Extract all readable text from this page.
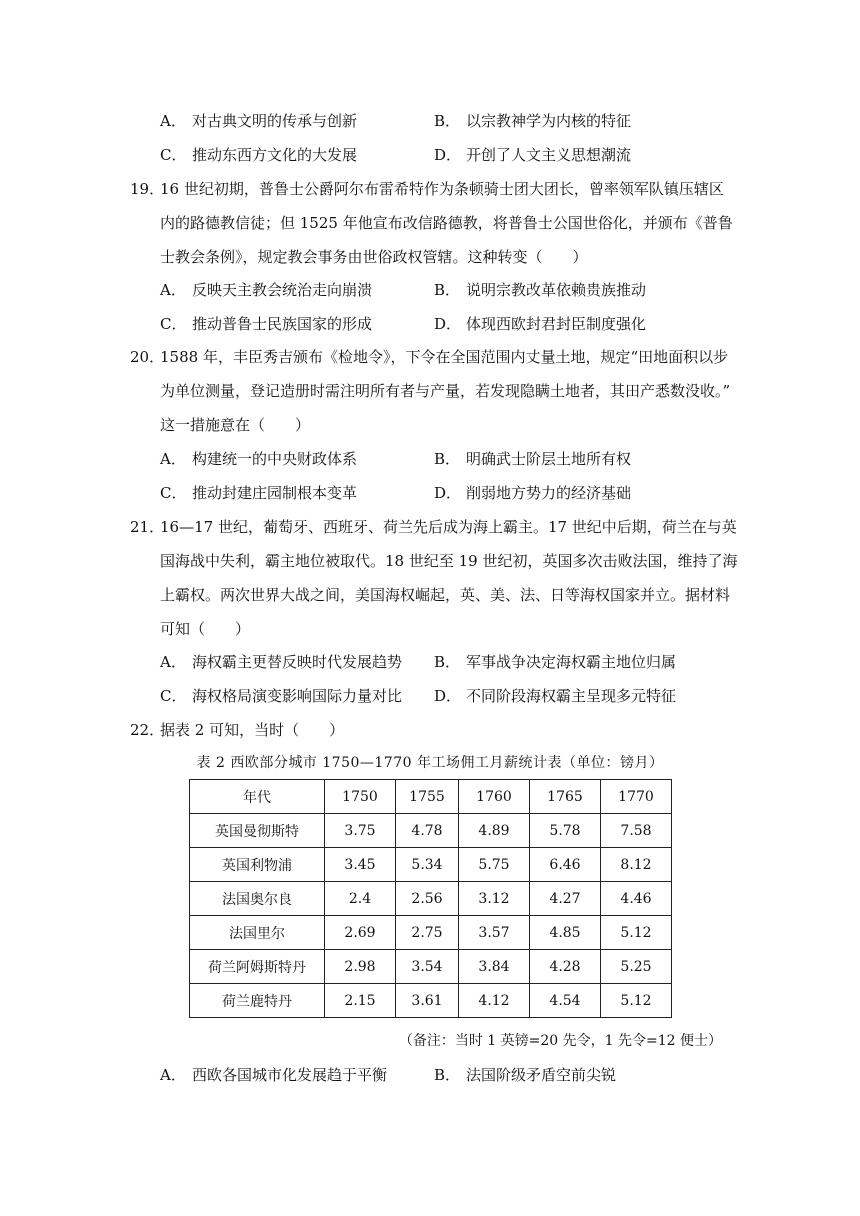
A． 对古典文明的传承与创新	B． 以宗教神学为内核的特征
C． 推动东西方文化的大发展	D． 开创了人文主义思想潮流
19．16 世纪初期，普鲁士公爵阿尔布雷希特作为条顿骑士团大团长，曾率领军队镇压辖区
内的路德教信徒；但 1525 年他宣布改信路德教，将普鲁士公国世俗化，并颁布《普鲁
士教会条例》，规定教会事务由世俗政权管辖。这种转变（　　）
A． 反映天主教会统治走向崩溃	B． 说明宗教改革依赖贵族推动
C． 推动普鲁士民族国家的形成	D． 体现西欧封君封臣制度强化
20．1588 年，丰臣秀吉颁布《检地令》，下令在全国范围内丈量土地，规定“田地面积以步
为单位测量，登记造册时需注明所有者与产量，若发现隐瞒土地者，其田产悉数没收。”
这一措施意在（　　）
A． 构建统一的中央财政体系	B． 明确武士阶层土地所有权
C． 推动封建庄园制根本变革	D． 削弱地方势力的经济基础
21．16—17 世纪，葡萄牙、西班牙、荷兰先后成为海上霸主。17 世纪中后期，荷兰在与英
国海战中失利，霸主地位被取代。18 世纪至 19 世纪初，英国多次击败法国，维持了海
上霸权。两次世界大战之间，美国海权崛起，英、美、法、日等海权国家并立。据材料
可知（　　）
A． 海权霸主更替反映时代发展趋势 B． 军事战争决定海权霸主地位归属
C． 海权格局演变影响国际力量对比 D． 不同阶段海权霸主呈现多元特征
22．据表 2 可知，当时（　　）
表 2 西欧部分城市 1750—1770 年工场佣工月薪统计表（单位：镑月）
年代	1750	1755	1760	1765	1770
英国曼彻斯特	3.75	4.78	4.89	5.78	7.58
英国利物浦	3.45	5.34	5.75	6.46	8.12
法国奥尔良	2.4	2.56	3.12	4.27	4.46
法国里尔	2.69	2.75	3.57	4.85	5.12
荷兰阿姆斯特丹	2.98	3.54	3.84	4.28	5.25
荷兰鹿特丹	2.15	3.61	4.12	4.54	5.12
（备注：当时 1 英镑=20 先令，1 先令=12 便士）
A． 西欧各国城市化发展趋于平衡	B． 法国阶级矛盾空前尖锐
